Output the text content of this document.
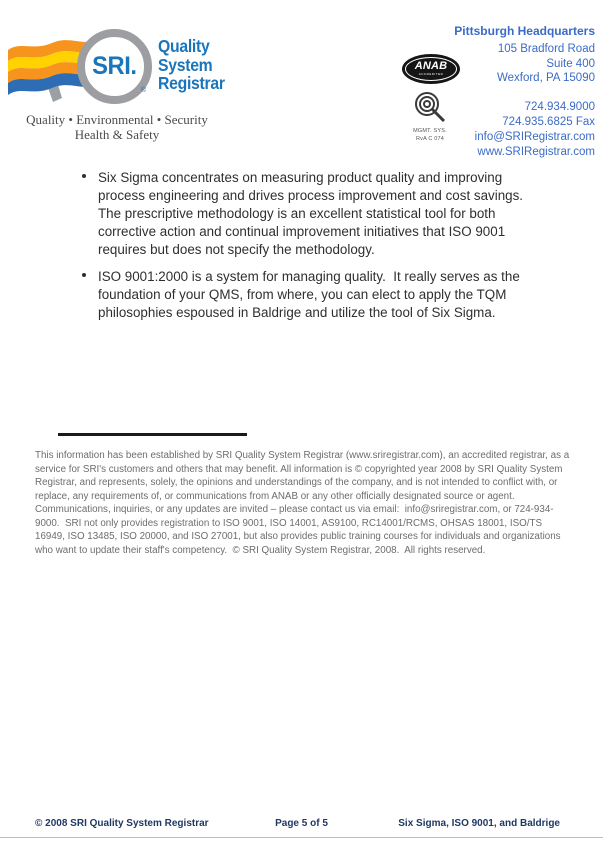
SRI.
®
Quality
System
Registrar
Quality • Environmental • Security
Health & Safety
ANAB
ACCREDITED
MGMT. SYS.
RvA C 074
Pittsburgh Headquarters
105 Bradford Road
Suite 400
Wexford, PA 15090
724.934.9000
724.935.6825 Fax
info@SRIRegistrar.com
www.SRIRegistrar.com
Six Sigma concentrates on measuring product quality and improving process engineering and drives process improvement and cost savings. The prescriptive methodology is an excellent statistical tool for both corrective action and continual improvement initiatives that ISO 9001 requires but does not specify the methodology.
ISO 9001:2000 is a system for managing quality.  It really serves as the foundation of your QMS, from where, you can elect to apply the TQM philosophies espoused in Baldrige and utilize the tool of Six Sigma.
This information has been established by SRI Quality System Registrar (www.sriregistrar.com), an accredited registrar, as a service for SRI's customers and others that may benefit. All information is © copyrighted year 2008 by SRI Quality System Registrar, and represents, solely, the opinions and understandings of the company, and is not intended to conflict with, or replace, any requirements of, or communications from ANAB or any other officially designated source or agent. Communications, inquiries, or any updates are invited – please contact us via email:  info@sriregistrar.com, or 724-934-9000.  SRI not only provides registration to ISO 9001, ISO 14001, AS9100, RC14001/RCMS, OHSAS 18001, ISO/TS 16949, ISO 13485, ISO 20000, and ISO 27001, but also provides public training courses for individuals and organizations who want to update their staff's competency.  © SRI Quality System Registrar, 2008.  All rights reserved.
© 2008 SRI Quality System Registrar	Page 5 of 5	Six Sigma, ISO 9001, and Baldrige
